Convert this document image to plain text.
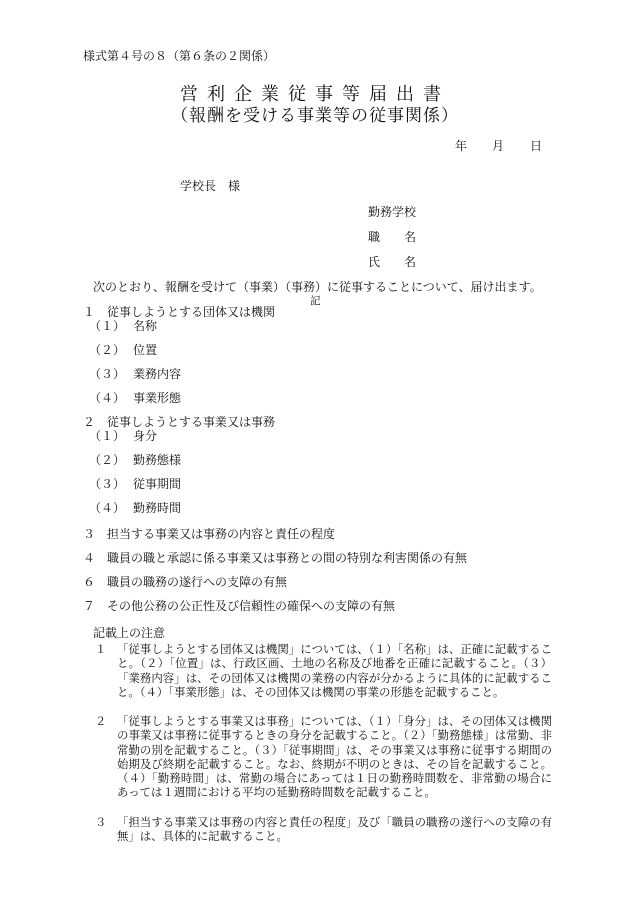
様式第４号の８（第６条の２関係）
営利企業従事等届出書
（報酬を受ける事業等の従事関係）
年 月 日
学校長　様
勤務学校
職　　名
氏　　名
次のとおり、報酬を受けて（事業）（事務）に従事することについて、届け出ます。
記
１　従事しようとする団体又は機関
（１） 名称
（２） 位置
（３） 業務内容
（４） 事業形態
２　従事しようとする事業又は事務
（１） 身分
（２） 勤務態様
（３） 従事期間
（４） 勤務時間
３　担当する事業又は事務の内容と責任の程度
４　職員の職と承認に係る事業又は事務との間の特別な利害関係の有無
６　職員の職務の遂行への支障の有無
７　その他公務の公正性及び信頼性の確保への支障の有無
記載上の注意
１ 「従事しようとする団体又は機関」については、（１）「名称」は、正確に記載すること。（２）「位置」は、行政区画、土地の名称及び地番を正確に記載すること。（３）「業務内容」は、その団体又は機関の業務の内容が分かるように具体的に記載すること。（４）「事業形態」は、その団体又は機関の事業の形態を記載すること。
２ 「従事しようとする事業又は事務」については、（１）「身分」は、その団体又は機関の事業又は事務に従事するときの身分を記載すること。（２）「勤務態様」は常勤、非常勤の別を記載すること。（３）「従事期間」は、その事業又は事務に従事する期間の始期及び終期を記載すること。なお、終期が不明のときは、その旨を記載すること。（４）「勤務時間」は、常勤の場合にあっては１日の勤務時間数を、非常勤の場合にあっては１週間における平均の延勤務時間数を記載すること。
３ 「担当する事業又は事務の内容と責任の程度」及び「職員の職務の遂行への支障の有無」は、具体的に記載すること。
